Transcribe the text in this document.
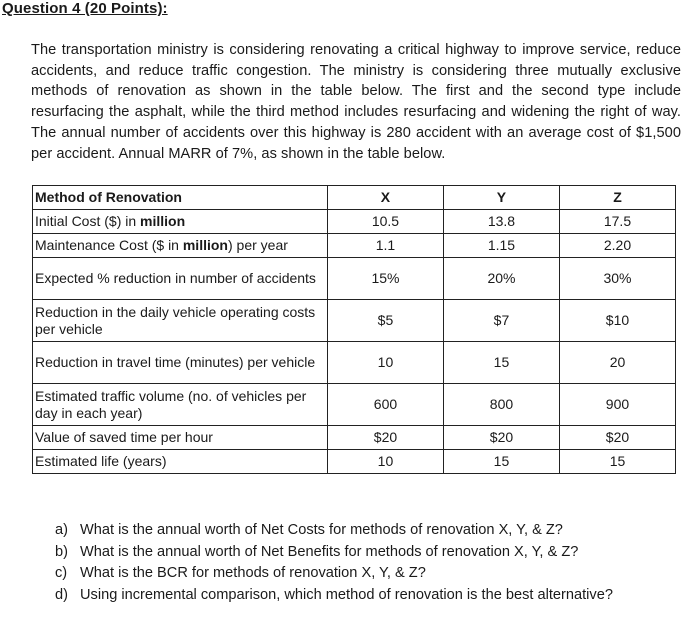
Question 4 (20 Points):

The transportation ministry is considering renovating a critical highway to improve service, reduce accidents, and reduce traffic congestion. The ministry is considering three mutually exclusive methods of renovation as shown in the table below. The first and the second type include resurfacing the asphalt, while the third method includes resurfacing and widening the right of way. The annual number of accidents over this highway is 280 accident with an average cost of $1,500 per accident. Annual MARR of 7%, as shown in the table below.

Method of Renovation	X	Y	Z
Initial Cost ($) in million	10.5	13.8	17.5
Maintenance Cost ($ in million) per year	1.1	1.15	2.20
Expected % reduction in number of accidents	15%	20%	30%
Reduction in the daily vehicle operating costs per vehicle	$5	$7	$10
Reduction in travel time (minutes) per vehicle	10	15	20
Estimated traffic volume (no. of vehicles per day in each year)	600	800	900
Value of saved time per hour	$20	$20	$20
Estimated life (years)	10	15	15
a) What is the annual worth of Net Costs for methods of renovation X, Y, & Z?
b) What is the annual worth of Net Benefits for methods of renovation X, Y, & Z?
c) What is the BCR for methods of renovation X, Y, & Z?
d) Using incremental comparison, which method of renovation is the best alternative?
